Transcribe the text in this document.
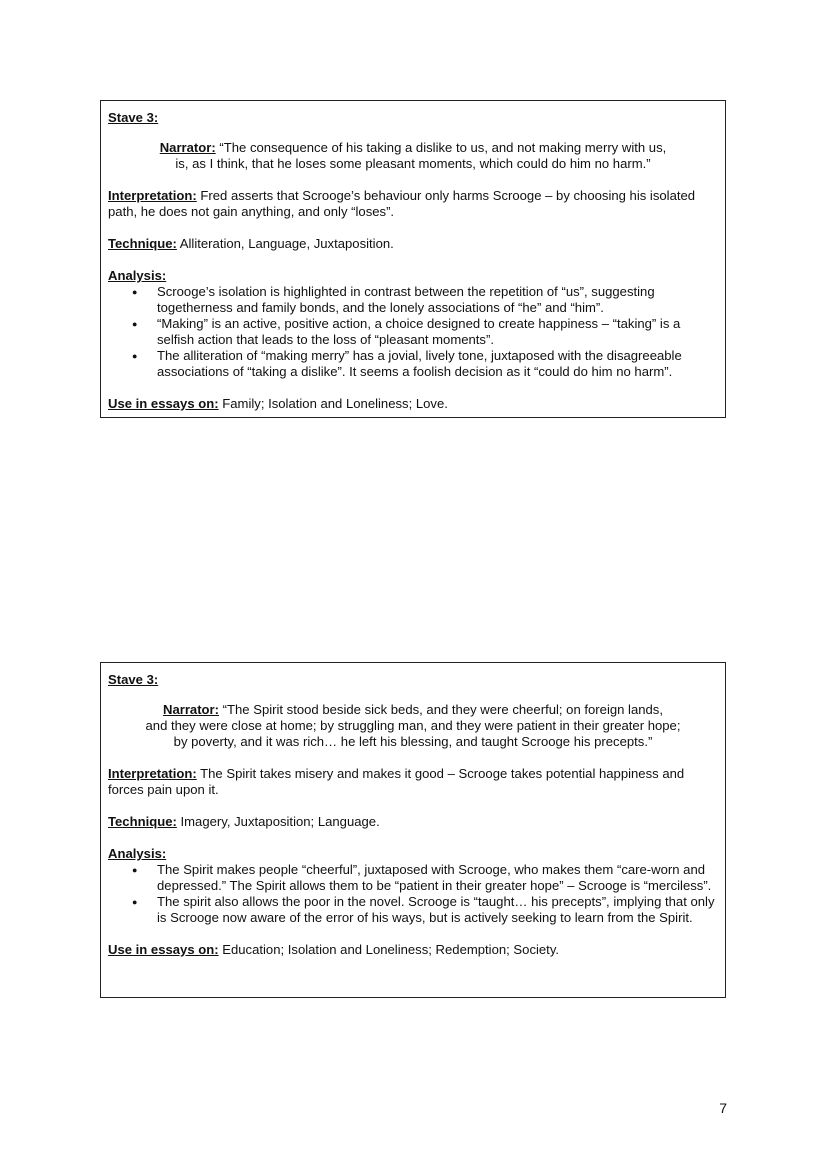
Stave 3:

Narrator: “The consequence of his taking a dislike to us, and not making merry with us,
is, as I think, that he loses some pleasant moments, which could do him no harm.”

Interpretation: Fred asserts that Scrooge’s behaviour only harms Scrooge – by choosing his isolated path, he does not gain anything, and only “loses”.

Technique: Alliteration, Language, Juxtaposition.

Analysis:

● Scrooge’s isolation is highlighted in contrast between the repetition of “us”, suggesting togetherness and family bonds, and the lonely associations of “he” and “him”.
● “Making” is an active, positive action, a choice designed to create happiness – “taking” is a selfish action that leads to the loss of “pleasant moments”.
● The alliteration of “making merry” has a jovial, lively tone, juxtaposed with the disagreeable associations of “taking a dislike”. It seems a foolish decision as it “could do him no harm”.

Use in essays on: Family; Isolation and Loneliness; Love.

Stave 3:

Narrator: “The Spirit stood beside sick beds, and they were cheerful; on foreign lands,
and they were close at home; by struggling man, and they were patient in their greater hope;
by poverty, and it was rich… he left his blessing, and taught Scrooge his precepts.”

Interpretation: The Spirit takes misery and makes it good – Scrooge takes potential happiness and forces pain upon it.

Technique: Imagery, Juxtaposition; Language.

Analysis:

● The Spirit makes people “cheerful”, juxtaposed with Scrooge, who makes them “care-worn and depressed.” The Spirit allows them to be “patient in their greater hope” – Scrooge is “merciless”.
● The spirit also allows the poor in the novel. Scrooge is “taught… his precepts”, implying that only is Scrooge now aware of the error of his ways, but is actively seeking to learn from the Spirit.

Use in essays on: Education; Isolation and Loneliness; Redemption; Society.

7
